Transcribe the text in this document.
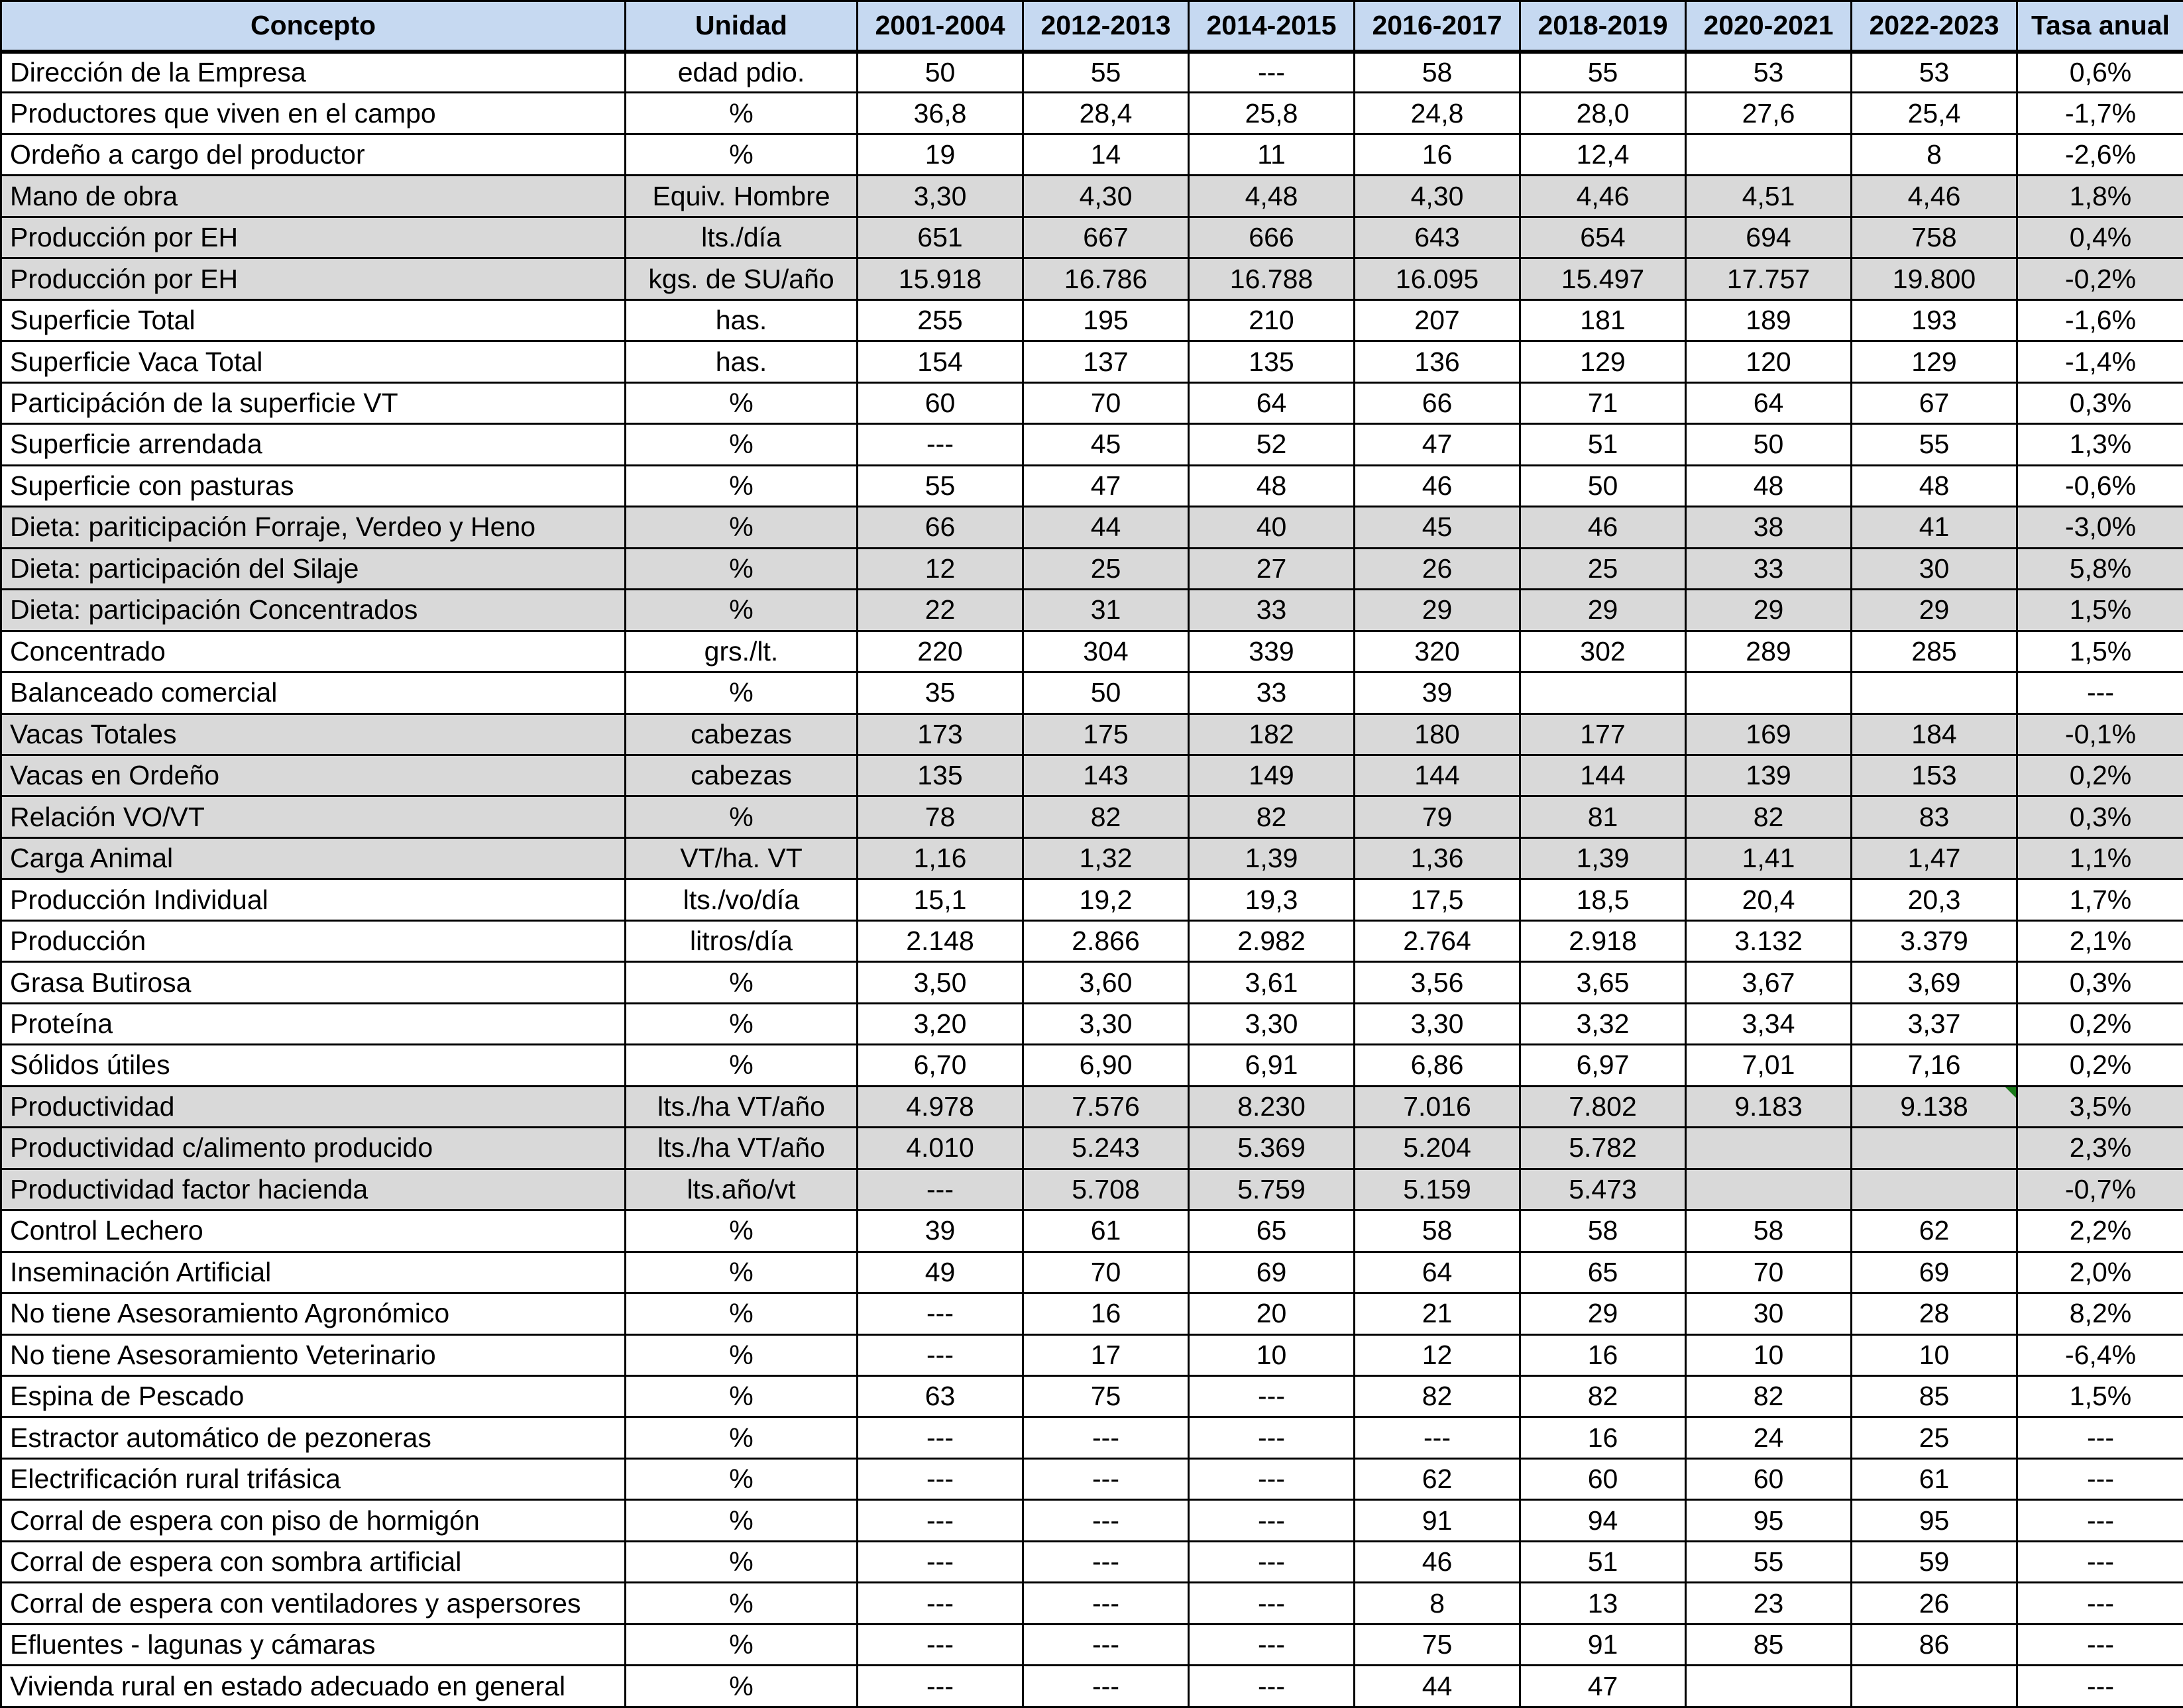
Concepto	Unidad	2001-2004	2012-2013	2014-2015	2016-2017	2018-2019	2020-2021	2022-2023	Tasa anual
Dirección de la Empresa	edad pdio.	50	55	---	58	55	53	53	0,6%
Productores que viven en el campo	%	36,8	28,4	25,8	24,8	28,0	27,6	25,4	-1,7%
Ordeño a cargo del productor	%	19	14	11	16	12,4		8	-2,6%
Mano de obra	Equiv. Hombre	3,30	4,30	4,48	4,30	4,46	4,51	4,46	1,8%
Producción por EH	lts./día	651	667	666	643	654	694	758	0,4%
Producción por EH	kgs. de SU/año	15.918	16.786	16.788	16.095	15.497	17.757	19.800	-0,2%
Superficie Total	has.	255	195	210	207	181	189	193	-1,6%
Superficie Vaca Total	has.	154	137	135	136	129	120	129	-1,4%
Participáción de la superficie VT	%	60	70	64	66	71	64	67	0,3%
Superficie arrendada	%	---	45	52	47	51	50	55	1,3%
Superficie con pasturas	%	55	47	48	46	50	48	48	-0,6%
Dieta: pariticipación Forraje, Verdeo y Heno	%	66	44	40	45	46	38	41	-3,0%
Dieta: participación del Silaje	%	12	25	27	26	25	33	30	5,8%
Dieta: participación Concentrados	%	22	31	33	29	29	29	29	1,5%
Concentrado	grs./lt.	220	304	339	320	302	289	285	1,5%
Balanceado comercial	%	35	50	33	39				---
Vacas Totales	cabezas	173	175	182	180	177	169	184	-0,1%
Vacas en Ordeño	cabezas	135	143	149	144	144	139	153	0,2%
Relación VO/VT	%	78	82	82	79	81	82	83	0,3%
Carga Animal	VT/ha. VT	1,16	1,32	1,39	1,36	1,39	1,41	1,47	1,1%
Producción Individual	lts./vo/día	15,1	19,2	19,3	17,5	18,5	20,4	20,3	1,7%
Producción	litros/día	2.148	2.866	2.982	2.764	2.918	3.132	3.379	2,1%
Grasa Butirosa	%	3,50	3,60	3,61	3,56	3,65	3,67	3,69	0,3%
Proteína	%	3,20	3,30	3,30	3,30	3,32	3,34	3,37	0,2%
Sólidos útiles	%	6,70	6,90	6,91	6,86	6,97	7,01	7,16	0,2%
Productividad	lts./ha VT/año	4.978	7.576	8.230	7.016	7.802	9.183	9.138	3,5%
Productividad c/alimento producido	lts./ha VT/año	4.010	5.243	5.369	5.204	5.782			2,3%
Productividad factor hacienda	lts.año/vt	---	5.708	5.759	5.159	5.473			-0,7%
Control Lechero	%	39	61	65	58	58	58	62	2,2%
Inseminación Artificial	%	49	70	69	64	65	70	69	2,0%
No tiene Asesoramiento Agronómico	%	---	16	20	21	29	30	28	8,2%
No tiene Asesoramiento Veterinario	%	---	17	10	12	16	10	10	-6,4%
Espina de Pescado	%	63	75	---	82	82	82	85	1,5%
Estractor automático de pezoneras	%	---	---	---	---	16	24	25	---
Electrificación rural trifásica	%	---	---	---	62	60	60	61	---
Corral de espera con piso de hormigón	%	---	---	---	91	94	95	95	---
Corral de espera con sombra artificial	%	---	---	---	46	51	55	59	---
Corral de espera con ventiladores y aspersores	%	---	---	---	8	13	23	26	---
Efluentes - lagunas y cámaras	%	---	---	---	75	91	85	86	---
Vivienda rural en estado adecuado en general	%	---	---	---	44	47			---
